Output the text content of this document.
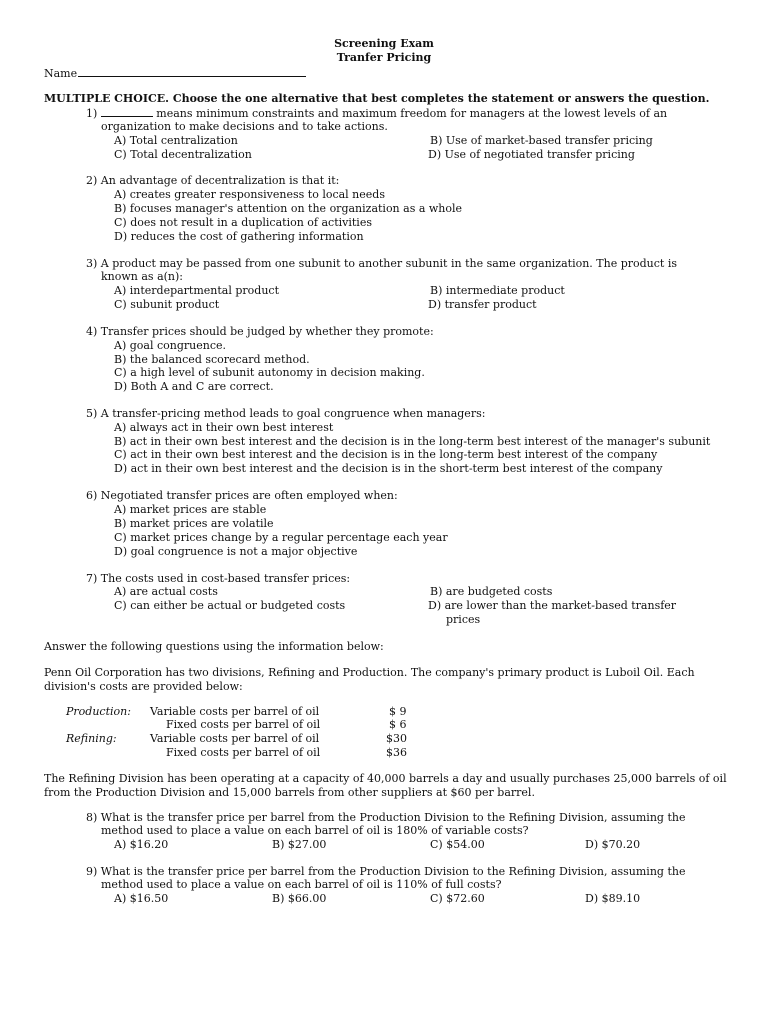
Screening Exam
Tranfer Pricing
Name
MULTIPLE CHOICE. Choose the one alternative that best completes the statement or answers the question.
1)	means minimum constraints and maximum freedom for managers at the lowest levels of an
organization to make decisions and to take actions.
A) Total centralization	B) Use of market-based transfer pricing
C) Total decentralization	D) Use of negotiated transfer pricing
2) An advantage of decentralization is that it:
A) creates greater responsiveness to local needs
B) focuses manager's attention on the organization as a whole
C) does not result in a duplication of activities
D) reduces the cost of gathering information
3) A product may be passed from one subunit to another subunit in the same organization. The product is
known as a(n):
A) interdepartmental product	B) intermediate product
C) subunit product	D) transfer product
4) Transfer prices should be judged by whether they promote:
A) goal congruence.
B) the balanced scorecard method.
C) a high level of subunit autonomy in decision making.
D) Both A and C are correct.
5) A transfer-pricing method leads to goal congruence when managers:
A) always act in their own best interest
B) act in their own best interest and the decision is in the long-term best interest of the manager's subunit
C) act in their own best interest and the decision is in the long-term best interest of the company
D) act in their own best interest and the decision is in the short-term best interest of the company
6) Negotiated transfer prices are often employed when:
A) market prices are stable
B) market prices are volatile
C) market prices change by a regular percentage each year
D) goal congruence is not a major objective
7) The costs used in cost-based transfer prices:
A) are actual costs	B) are budgeted costs
C) can either be actual or budgeted costs	D) are lower than the market-based transfer
prices
Answer the following questions using the information below:
Penn Oil Corporation has two divisions, Refining and Production. The company's primary product is Luboil Oil. Each
division's costs are provided below:
Production: Variable costs per barrel of oil	$ 9
Fixed costs per barrel of oil	$ 6
Refining:	Variable costs per barrel of oil	$30
Fixed costs per barrel of oil	$36
The Refining Division has been operating at a capacity of 40,000 barrels a day and usually purchases 25,000 barrels of oil
from the Production Division and 15,000 barrels from other suppliers at $60 per barrel.
8) What is the transfer price per barrel from the Production Division to the Refining Division, assuming the
method used to place a value on each barrel of oil is 180% of variable costs?
A) $16.20	B) $27.00	C) $54.00	D) $70.20
9) What is the transfer price per barrel from the Production Division to the Refining Division, assuming the
method used to place a value on each barrel of oil is 110% of full costs?
A) $16.50	B) $66.00	C) $72.60	D) $89.10
